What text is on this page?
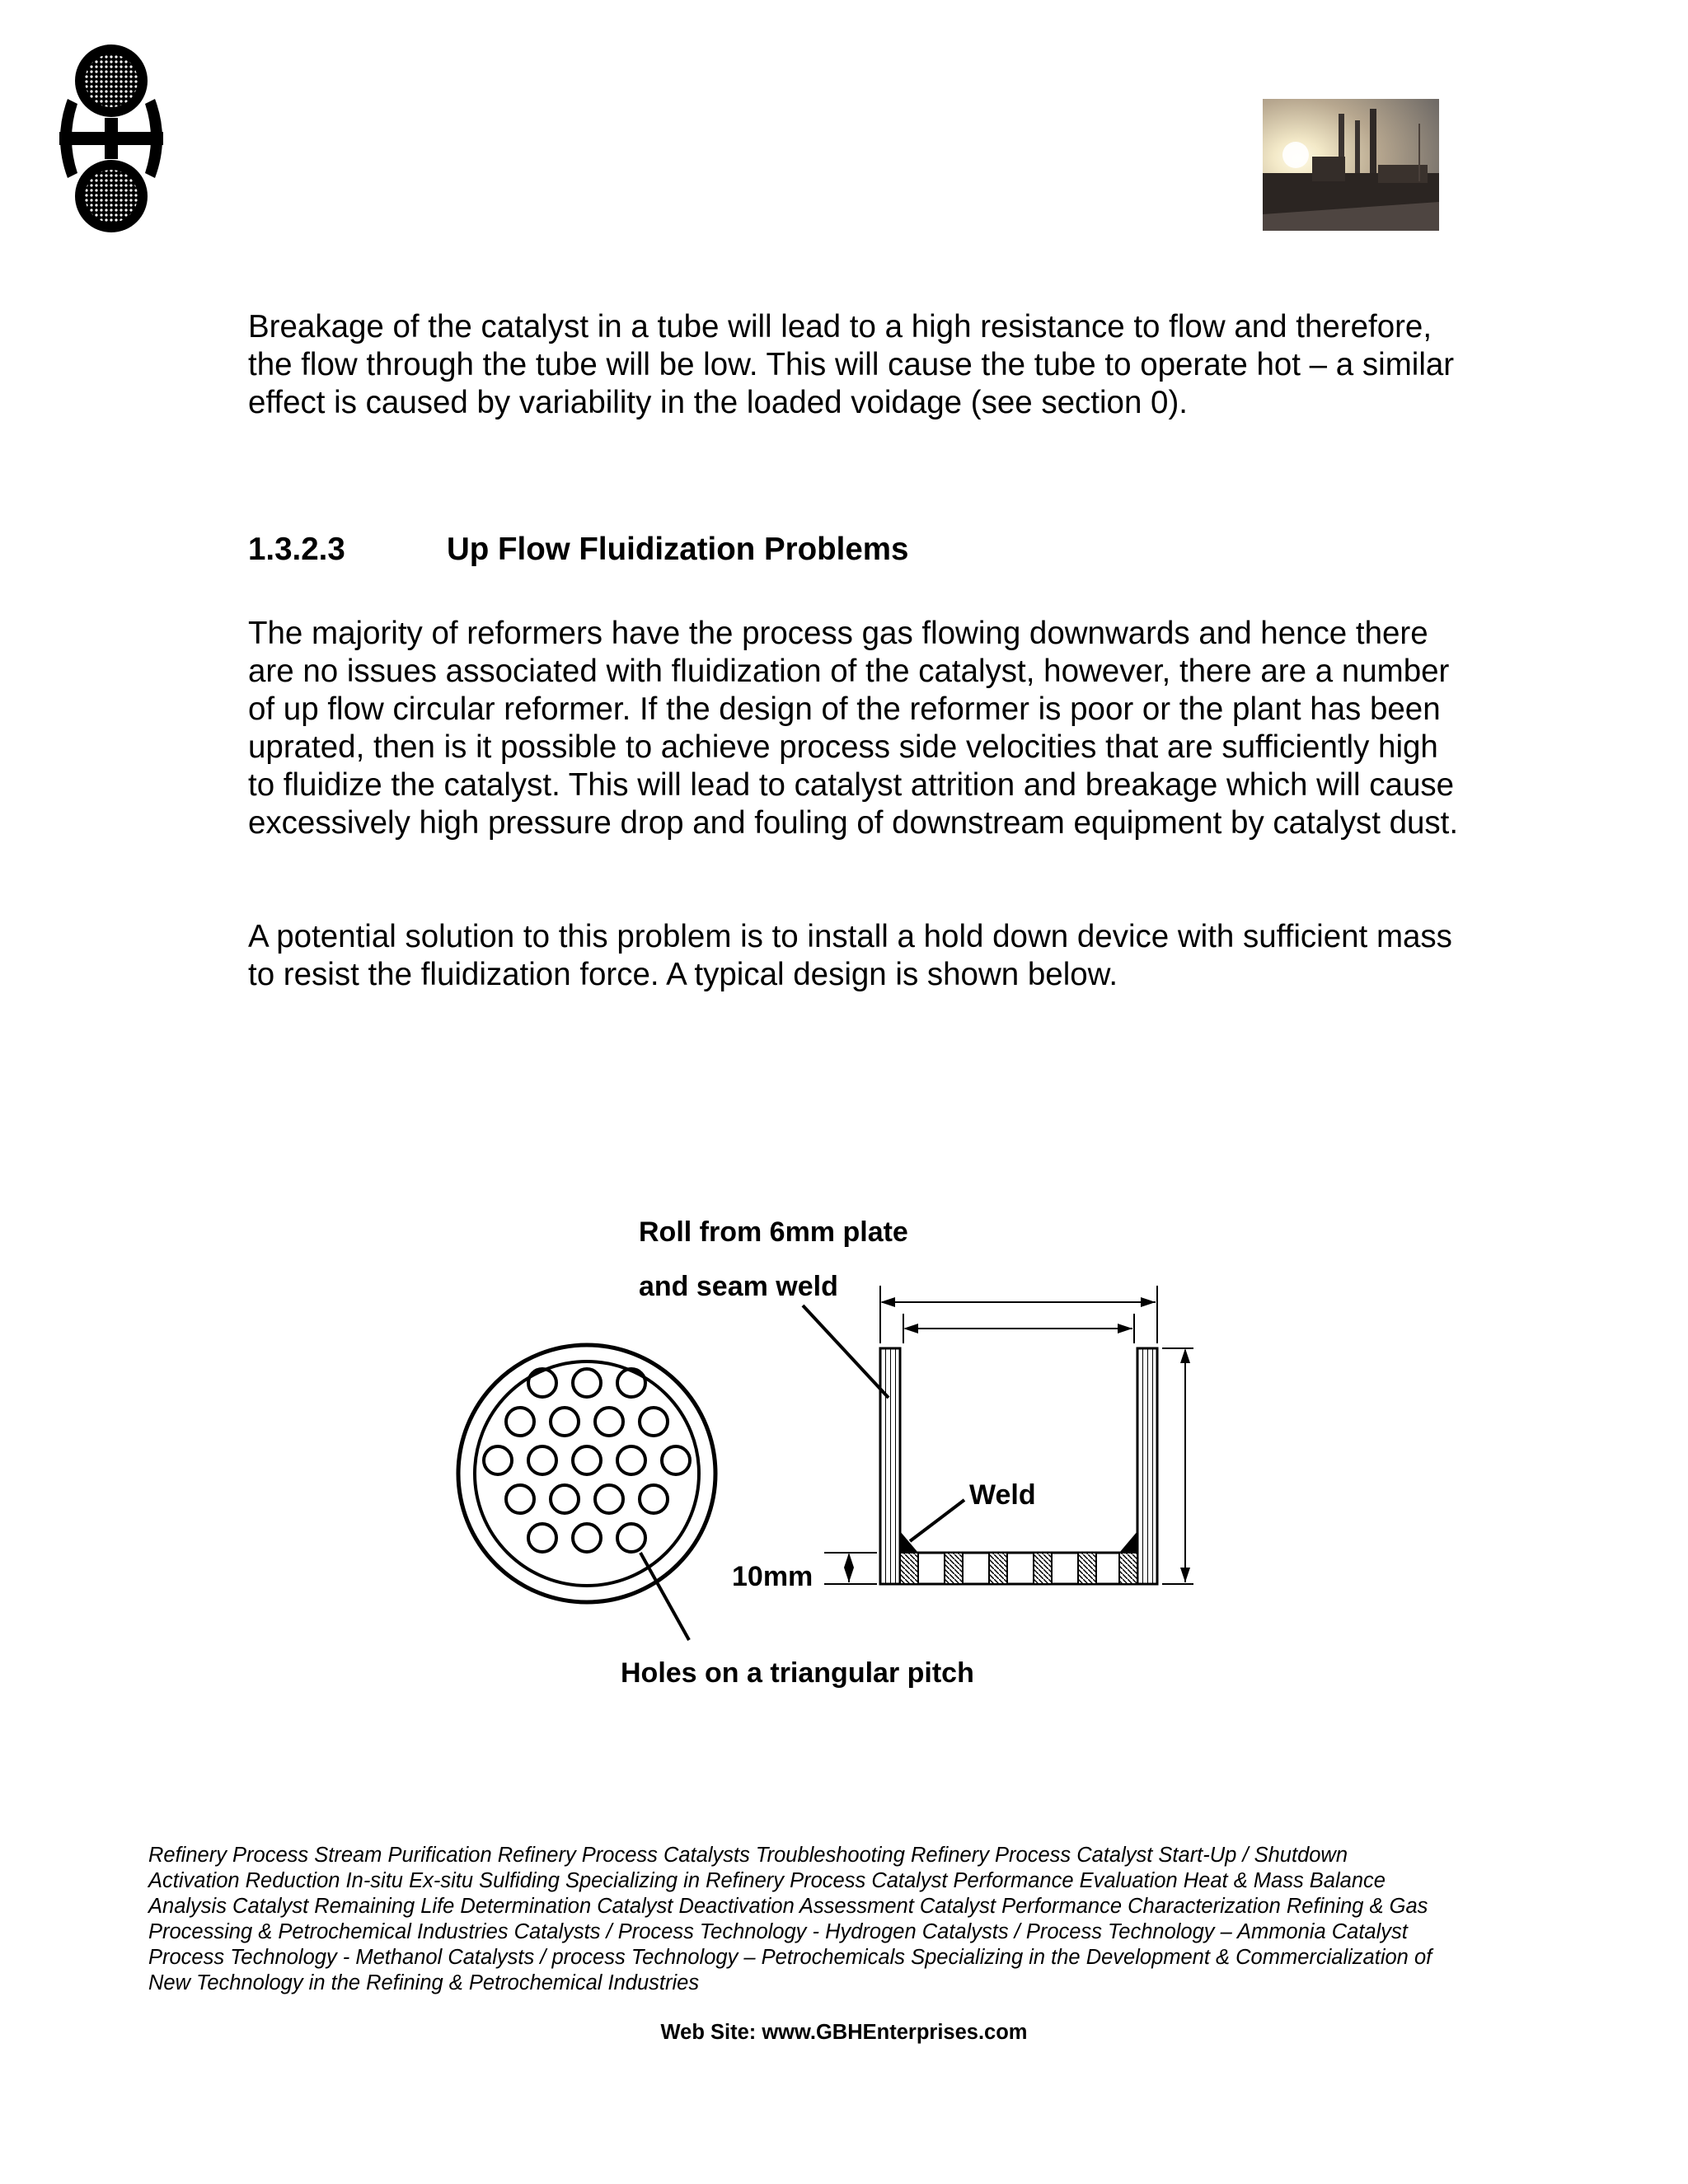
Breakage of the catalyst in a tube will lead to a high resistance to flow and therefore, the flow through the tube will be low. This will cause the tube to operate hot – a similar effect is caused by variability in the loaded voidage (see section 0).

1.3.2.3	Up Flow Fluidization Problems

The majority of reformers have the process gas flowing downwards and hence there are no issues associated with fluidization of the catalyst, however, there are a number of up flow circular reformer. If the design of the reformer is poor or the plant has been uprated, then is it possible to achieve process side velocities that are sufficiently high to fluidize the catalyst. This will lead to catalyst attrition and breakage which will cause excessively high pressure drop and fouling of downstream equipment by catalyst dust.

A potential solution to this problem is to install a hold down device with sufficient mass to resist the fluidization force. A typical design is shown below.

Roll from 6mm plate
and seam weld
Weld
10mm
Holes on a triangular pitch

Refinery Process Stream Purification Refinery Process Catalysts Troubleshooting Refinery Process Catalyst Start-Up / Shutdown Activation Reduction In-situ Ex-situ Sulfiding Specializing in Refinery Process Catalyst Performance Evaluation Heat & Mass Balance Analysis Catalyst Remaining Life Determination Catalyst Deactivation Assessment Catalyst Performance Characterization Refining & Gas Processing & Petrochemical Industries Catalysts / Process Technology - Hydrogen Catalysts / Process Technology – Ammonia Catalyst Process Technology - Methanol Catalysts / process Technology – Petrochemicals Specializing in the Development & Commercialization of New Technology in the Refining & Petrochemical Industries

Web Site: www.GBHEnterprises.com
